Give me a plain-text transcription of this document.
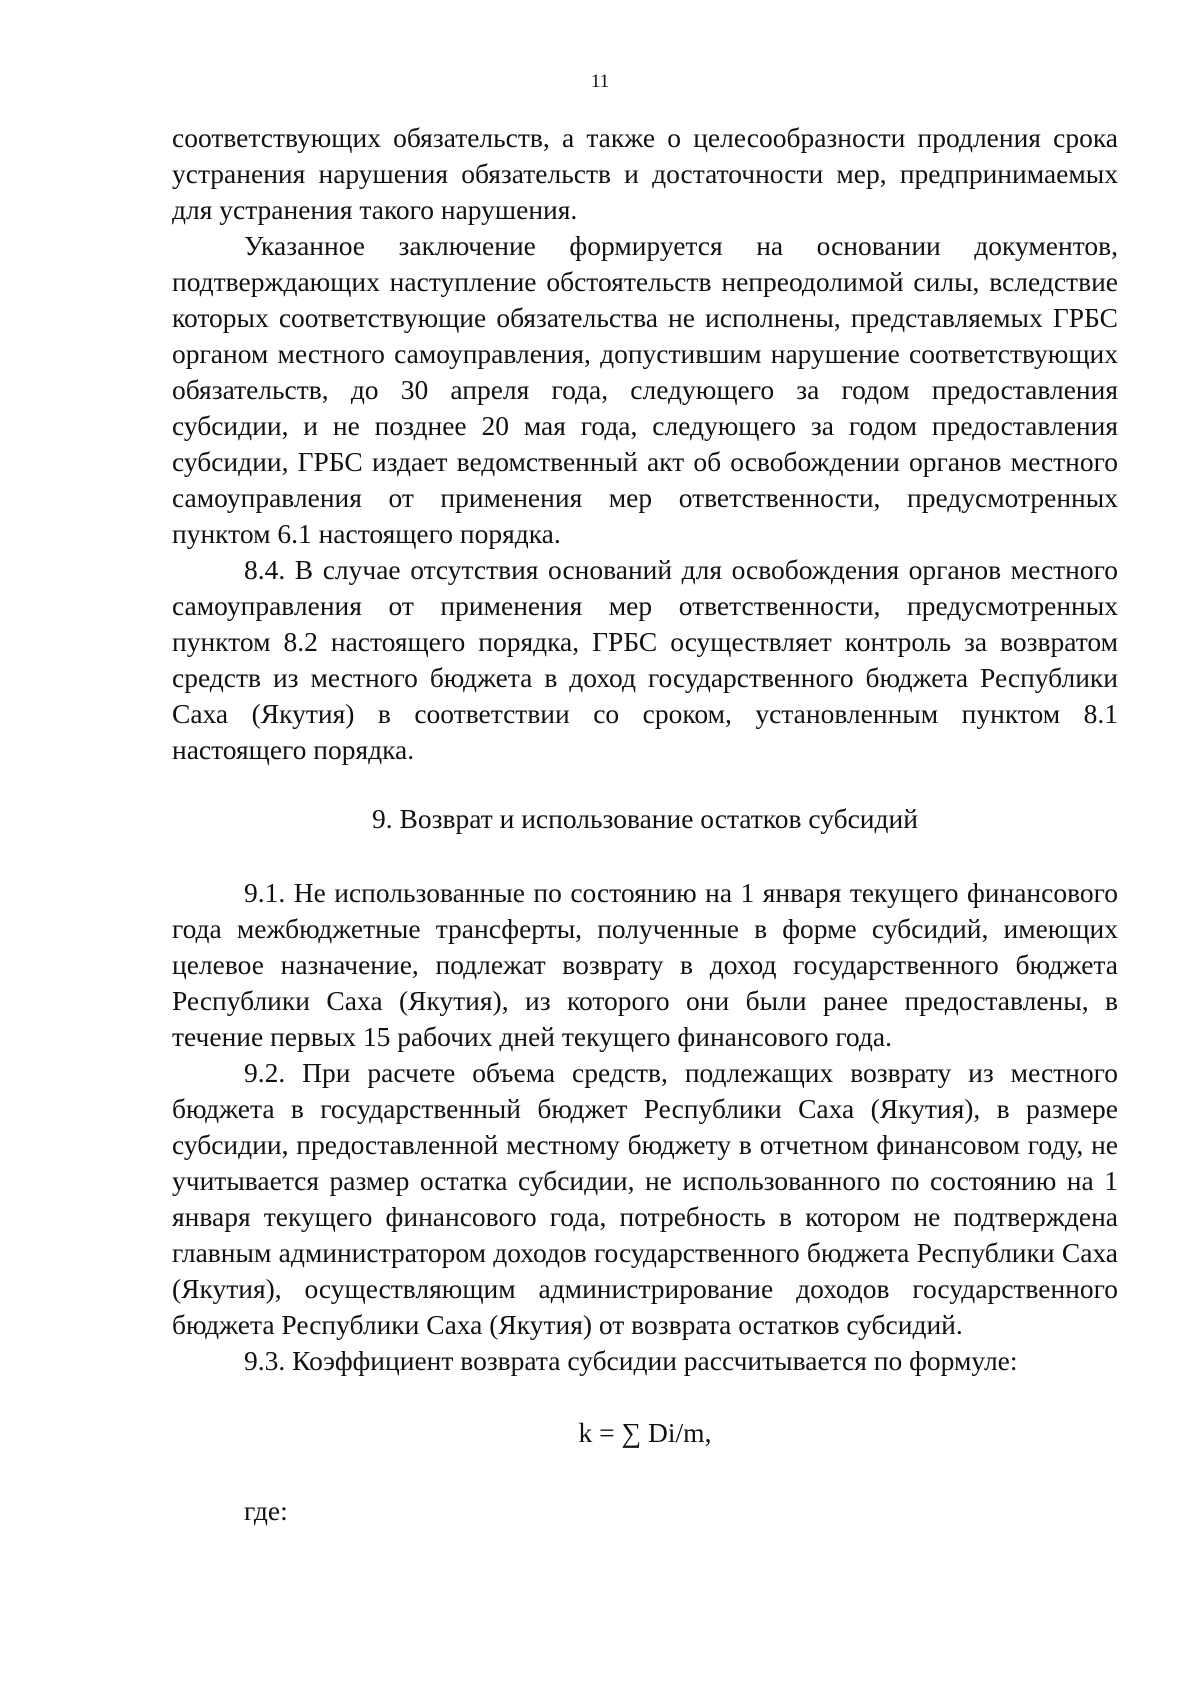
11

соответствующих обязательств, а также о целесообразности продления срока устранения нарушения обязательств и достаточности мер, предпринимаемых для устранения такого нарушения.

Указанное заключение формируется на основании документов, подтверждающих наступление обстоятельств непреодолимой силы, вследствие которых соответствующие обязательства не исполнены, представляемых ГРБС органом местного самоуправления, допустившим нарушение соответствующих обязательств, до 30 апреля года, следующего за годом предоставления субсидии, и не позднее 20 мая года, следующего за годом предоставления субсидии, ГРБС издает ведомственный акт об освобождении органов местного самоуправления от применения мер ответственности, предусмотренных пунктом 6.1 настоящего порядка.

8.4. В случае отсутствия оснований для освобождения органов местного самоуправления от применения мер ответственности, предусмотренных пунктом 8.2 настоящего порядка, ГРБС осуществляет контроль за возвратом средств из местного бюджета в доход государственного бюджета Республики Саха (Якутия) в соответствии со сроком, установленным пунктом 8.1 настоящего порядка.

9. Возврат и использование остатков субсидий

9.1. Не использованные по состоянию на 1 января текущего финансового года межбюджетные трансферты, полученные в форме субсидий, имеющих целевое назначение, подлежат возврату в доход государственного бюджета Республики Саха (Якутия), из которого они были ранее предоставлены, в течение первых 15 рабочих дней текущего финансового года.

9.2. При расчете объема средств, подлежащих возврату из местного бюджета в государственный бюджет Республики Саха (Якутия), в размере субсидии, предоставленной местному бюджету в отчетном финансовом году, не учитывается размер остатка субсидии, не использованного по состоянию на 1 января текущего финансового года, потребность в котором не подтверждена главным администратором доходов государственного бюджета Республики Саха (Якутия), осуществляющим администрирование доходов государственного бюджета Республики Саха (Якутия) от возврата остатков субсидий.

9.3. Коэффициент возврата субсидии рассчитывается по формуле:

k = ∑ Di/m,

где:
